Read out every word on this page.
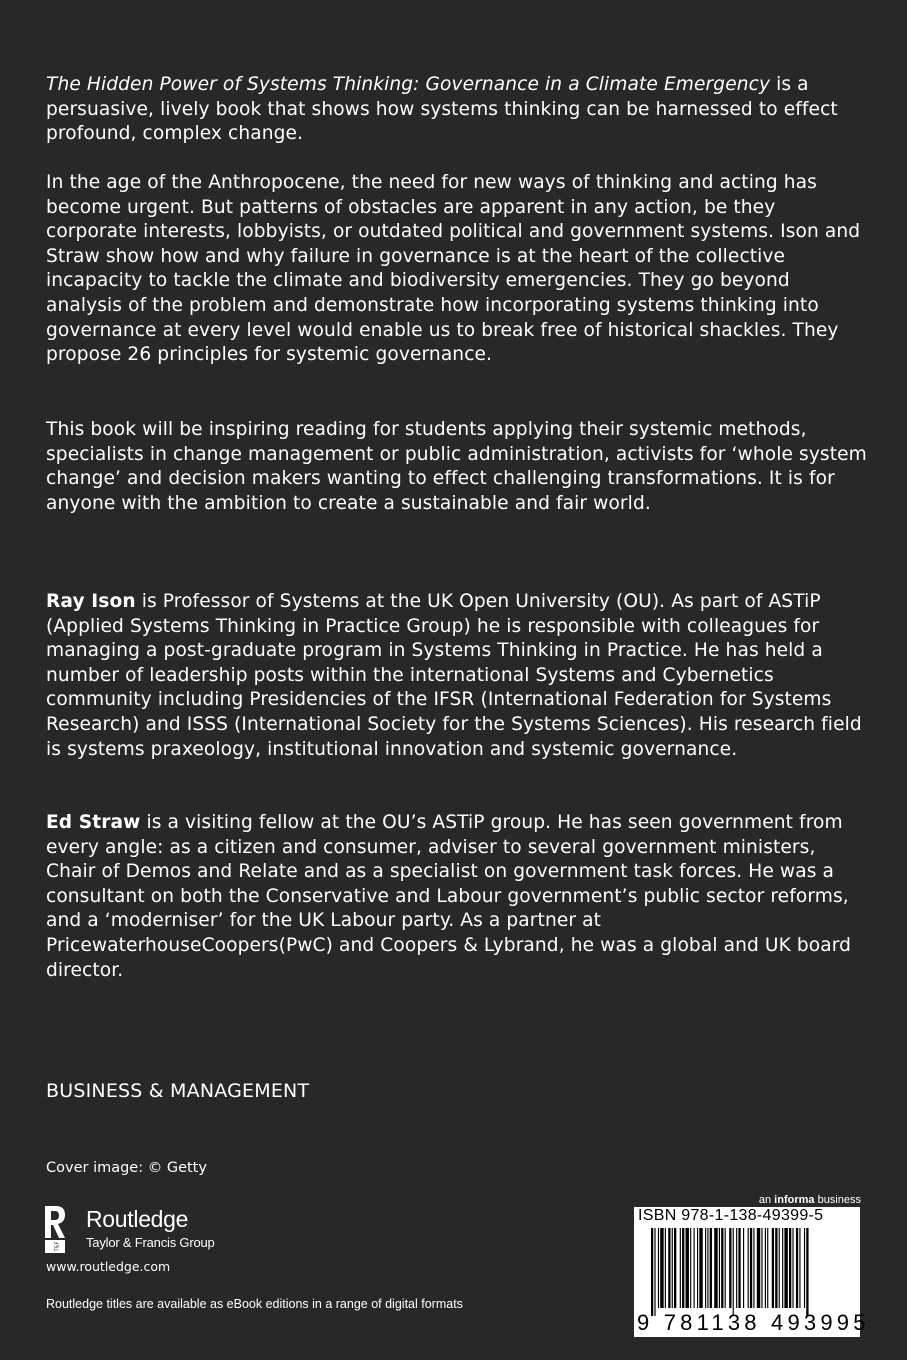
The Hidden Power of Systems Thinking: Governance in a Climate Emergency is a persuasive, lively book that shows how systems thinking can be harnessed to effect profound, complex change.

In the age of the Anthropocene, the need for new ways of thinking and acting has become urgent. But patterns of obstacles are apparent in any action, be they corporate interests, lobbyists, or outdated political and government systems. Ison and Straw show how and why failure in governance is at the heart of the collective incapacity to tackle the climate and biodiversity emergencies. They go beyond analysis of the problem and demonstrate how incorporating systems thinking into governance at every level would enable us to break free of historical shackles. They propose 26 principles for systemic governance.

This book will be inspiring reading for students applying their systemic methods, specialists in change management or public administration, activists for ‘whole system change’ and decision makers wanting to effect challenging transformations. It is for anyone with the ambition to create a sustainable and fair world.

Ray Ison is Professor of Systems at the UK Open University (OU). As part of ASTiP (Applied Systems Thinking in Practice Group) he is responsible with colleagues for managing a post-graduate program in Systems Thinking in Practice. He has held a number of leadership posts within the international Systems and Cybernetics community including Presidencies of the IFSR (International Federation for Systems Research) and ISSS (International Society for the Systems Sciences). His research field is systems praxeology, institutional innovation and systemic governance.

Ed Straw is a visiting fellow at the OU’s ASTiP group. He has seen government from every angle: as a citizen and consumer, adviser to several government ministers, Chair of Demos and Relate and as a specialist on government task forces. He was a consultant on both the Conservative and Labour government’s public sector reforms, and a ‘moderniser’ for the UK Labour party. As a partner at PricewaterhouseCoopers(PwC) and Coopers & Lybrand, he was a global and UK board director.

BUSINESS & MANAGEMENT
Cover image: © Getty
T&F
Routledge
Taylor & Francis Group
www.routledge.com
Routledge titles are available as eBook editions in a range of digital formats
an informa business
ISBN 978-1-138-49399-5
9 781138 493995
